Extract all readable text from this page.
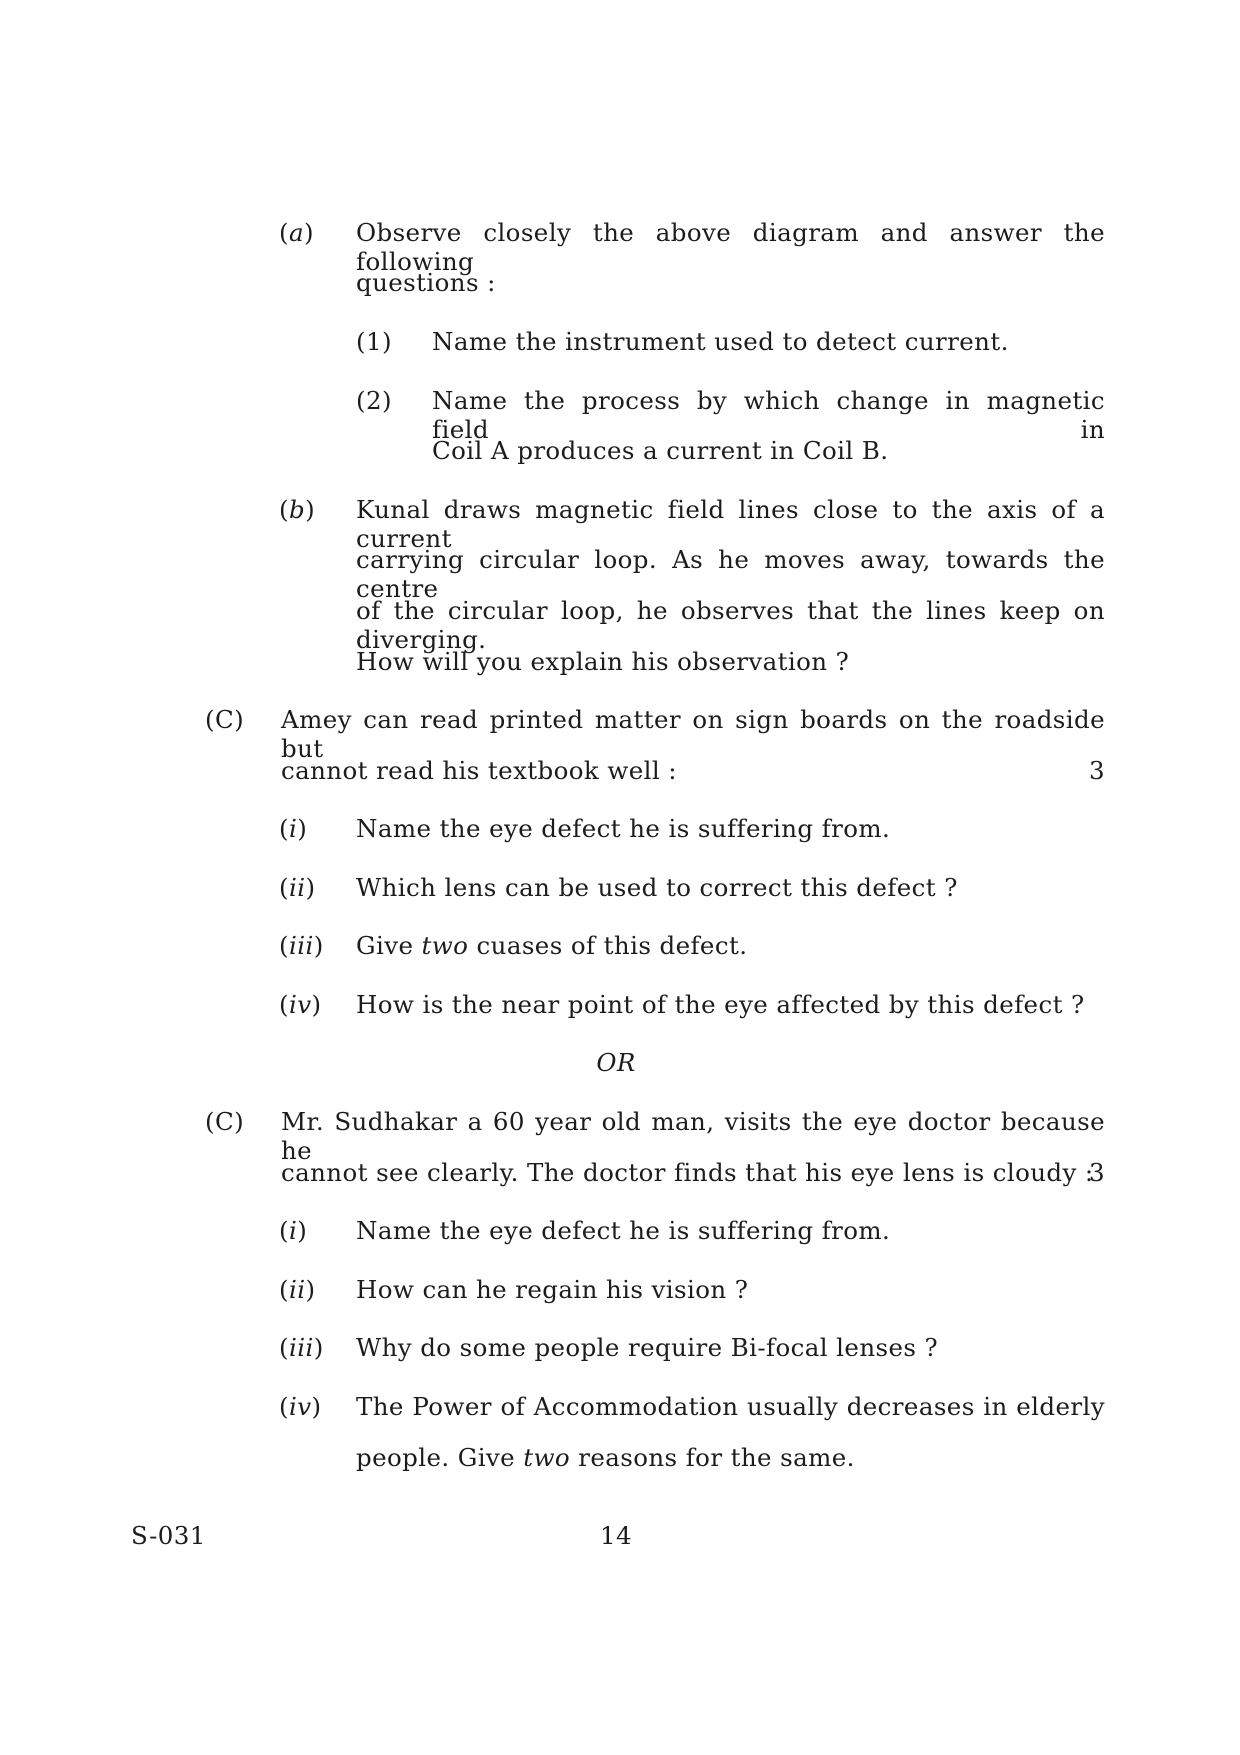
(a) Observe closely the above diagram and answer the following
questions :
(1) Name the instrument used to detect current.
(2) Name the process by which change in magnetic field in
Coil A produces a current in Coil B.
(b) Kunal draws magnetic field lines close to the axis of a current
carrying circular loop. As he moves away, towards the centre
of the circular loop, he observes that the lines keep on diverging.
How will you explain his observation ?
(C) Amey can read printed matter on sign boards on the roadside but
cannot read his textbook well :	3
(i) Name the eye defect he is suffering from.
(ii) Which lens can be used to correct this defect ?
(iii) Give two cuases of this defect.
(iv) How is the near point of the eye affected by this defect ?
OR
(C) Mr. Sudhakar a 60 year old man, visits the eye doctor because he
cannot see clearly. The doctor finds that his eye lens is cloudy :
3
(i) Name the eye defect he is suffering from.
(ii) How can he regain his vision ?
(iii) Why do some people require Bi-focal lenses ?
(iv) The Power of Accommodation usually decreases in elderly
people. Give two reasons for the same.
S-031	14
